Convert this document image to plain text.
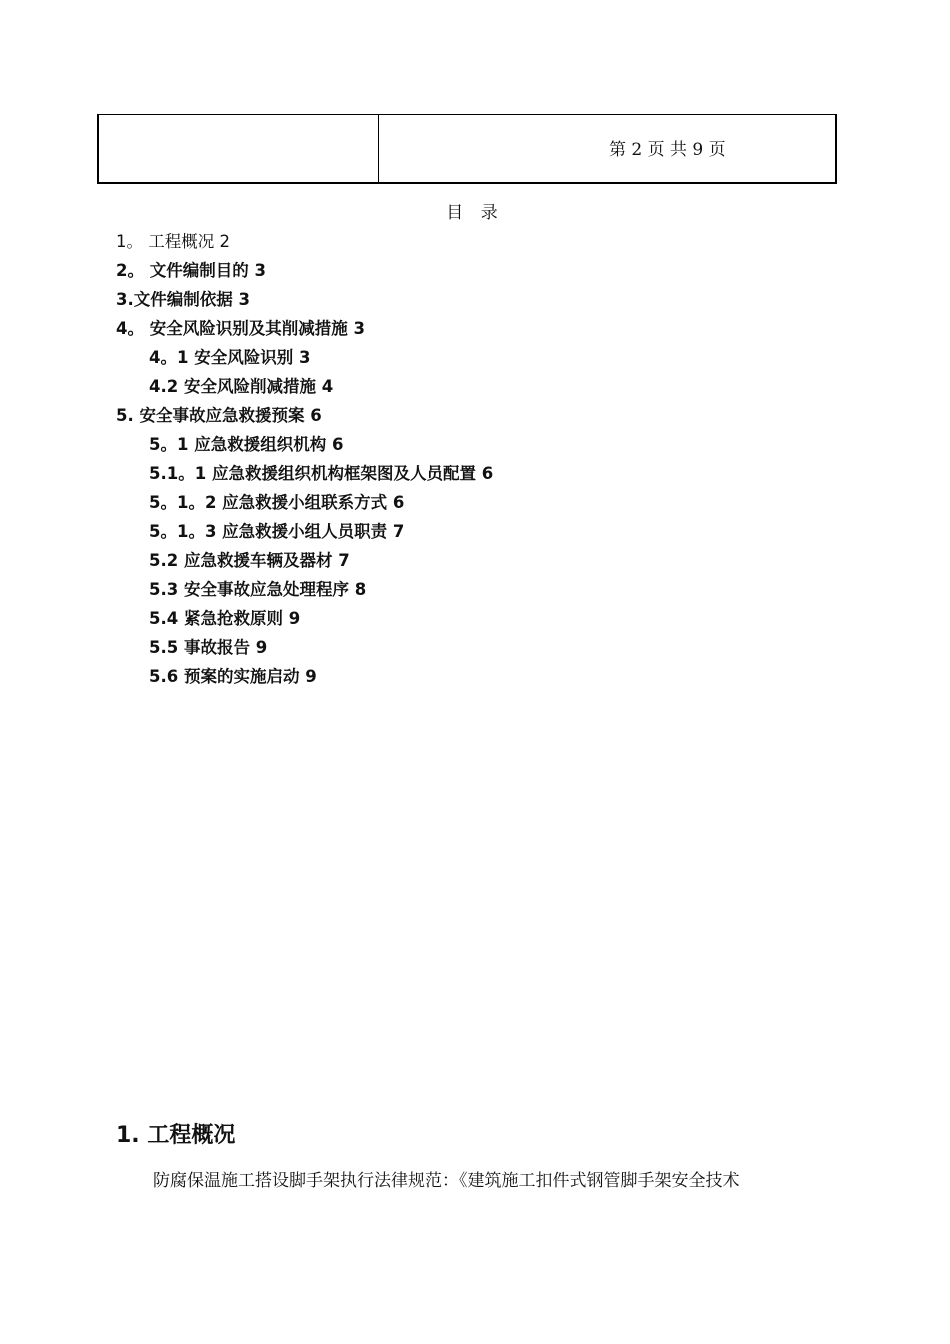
第 2 页 共 9 页
目 录
1。 工程概况 2
2。 文件编制目的 3
3.文件编制依据 3
4。 安全风险识别及其削减措施 3
4。1 安全风险识别 3
4.2 安全风险削减措施 4
5. 安全事故应急救援预案 6
5。1 应急救援组织机构 6
5.1。1 应急救援组织机构框架图及人员配置 6
5。1。2 应急救援小组联系方式 6
5。1。3 应急救援小组人员职责 7
5.2 应急救援车辆及器材 7
5.3 安全事故应急处理程序 8
5.4 紧急抢救原则 9
5.5 事故报告 9
5.6 预案的实施启动 9
1. 工程概况
防腐保温施工搭设脚手架执行法律规范：《建筑施工扣件式钢管脚手架安全技术
